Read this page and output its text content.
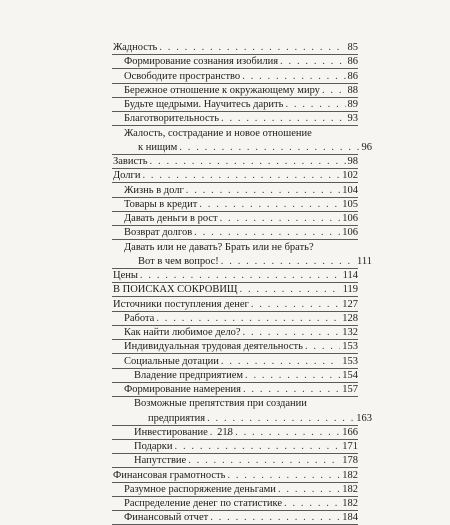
Жадность . . .	85
Формирование сознания изобилия . . .	86
Освободите пространство . . .	86
Бережное отношение к окружающему миру . . .	88
Будьте щедрыми. Научитесь дарить . . .	89
Благотворительность . . .	93
Жалость, сострадание и новое отношение
к нищим . . .	96
Зависть . . .	98
Долги . . .	102
Жизнь в долг . . .	104
Товары в кредит . . .	105
Давать деньги в рост . . .	106
Возврат долгов . . .	106
Давать или не давать? Брать или не брать?
Вот в чем вопрос! . . .	111
Цены . . .	114
В ПОИСКАХ СОКРОВИЩ . . .	119
Источники поступления денег . . .	127
Работа . . .	128
Как найти любимое дело? . . .	132
Индивидуальная трудовая деятельность . . .	153
Социальные дотации . . .	153
Владение предприятием . . .	154
Формирование намерения . . .	157
Возможные препятствия при создании
предприятия . . .	163
Инвестирование . . .	166
Подарки . . .	171
Напутствие . . .	178
Финансовая грамотность . . .	182
Разумное распоряжение деньгами . . .	182
Распределение денег по статистике . . .	182
Финансовый отчет . . .	184
218
